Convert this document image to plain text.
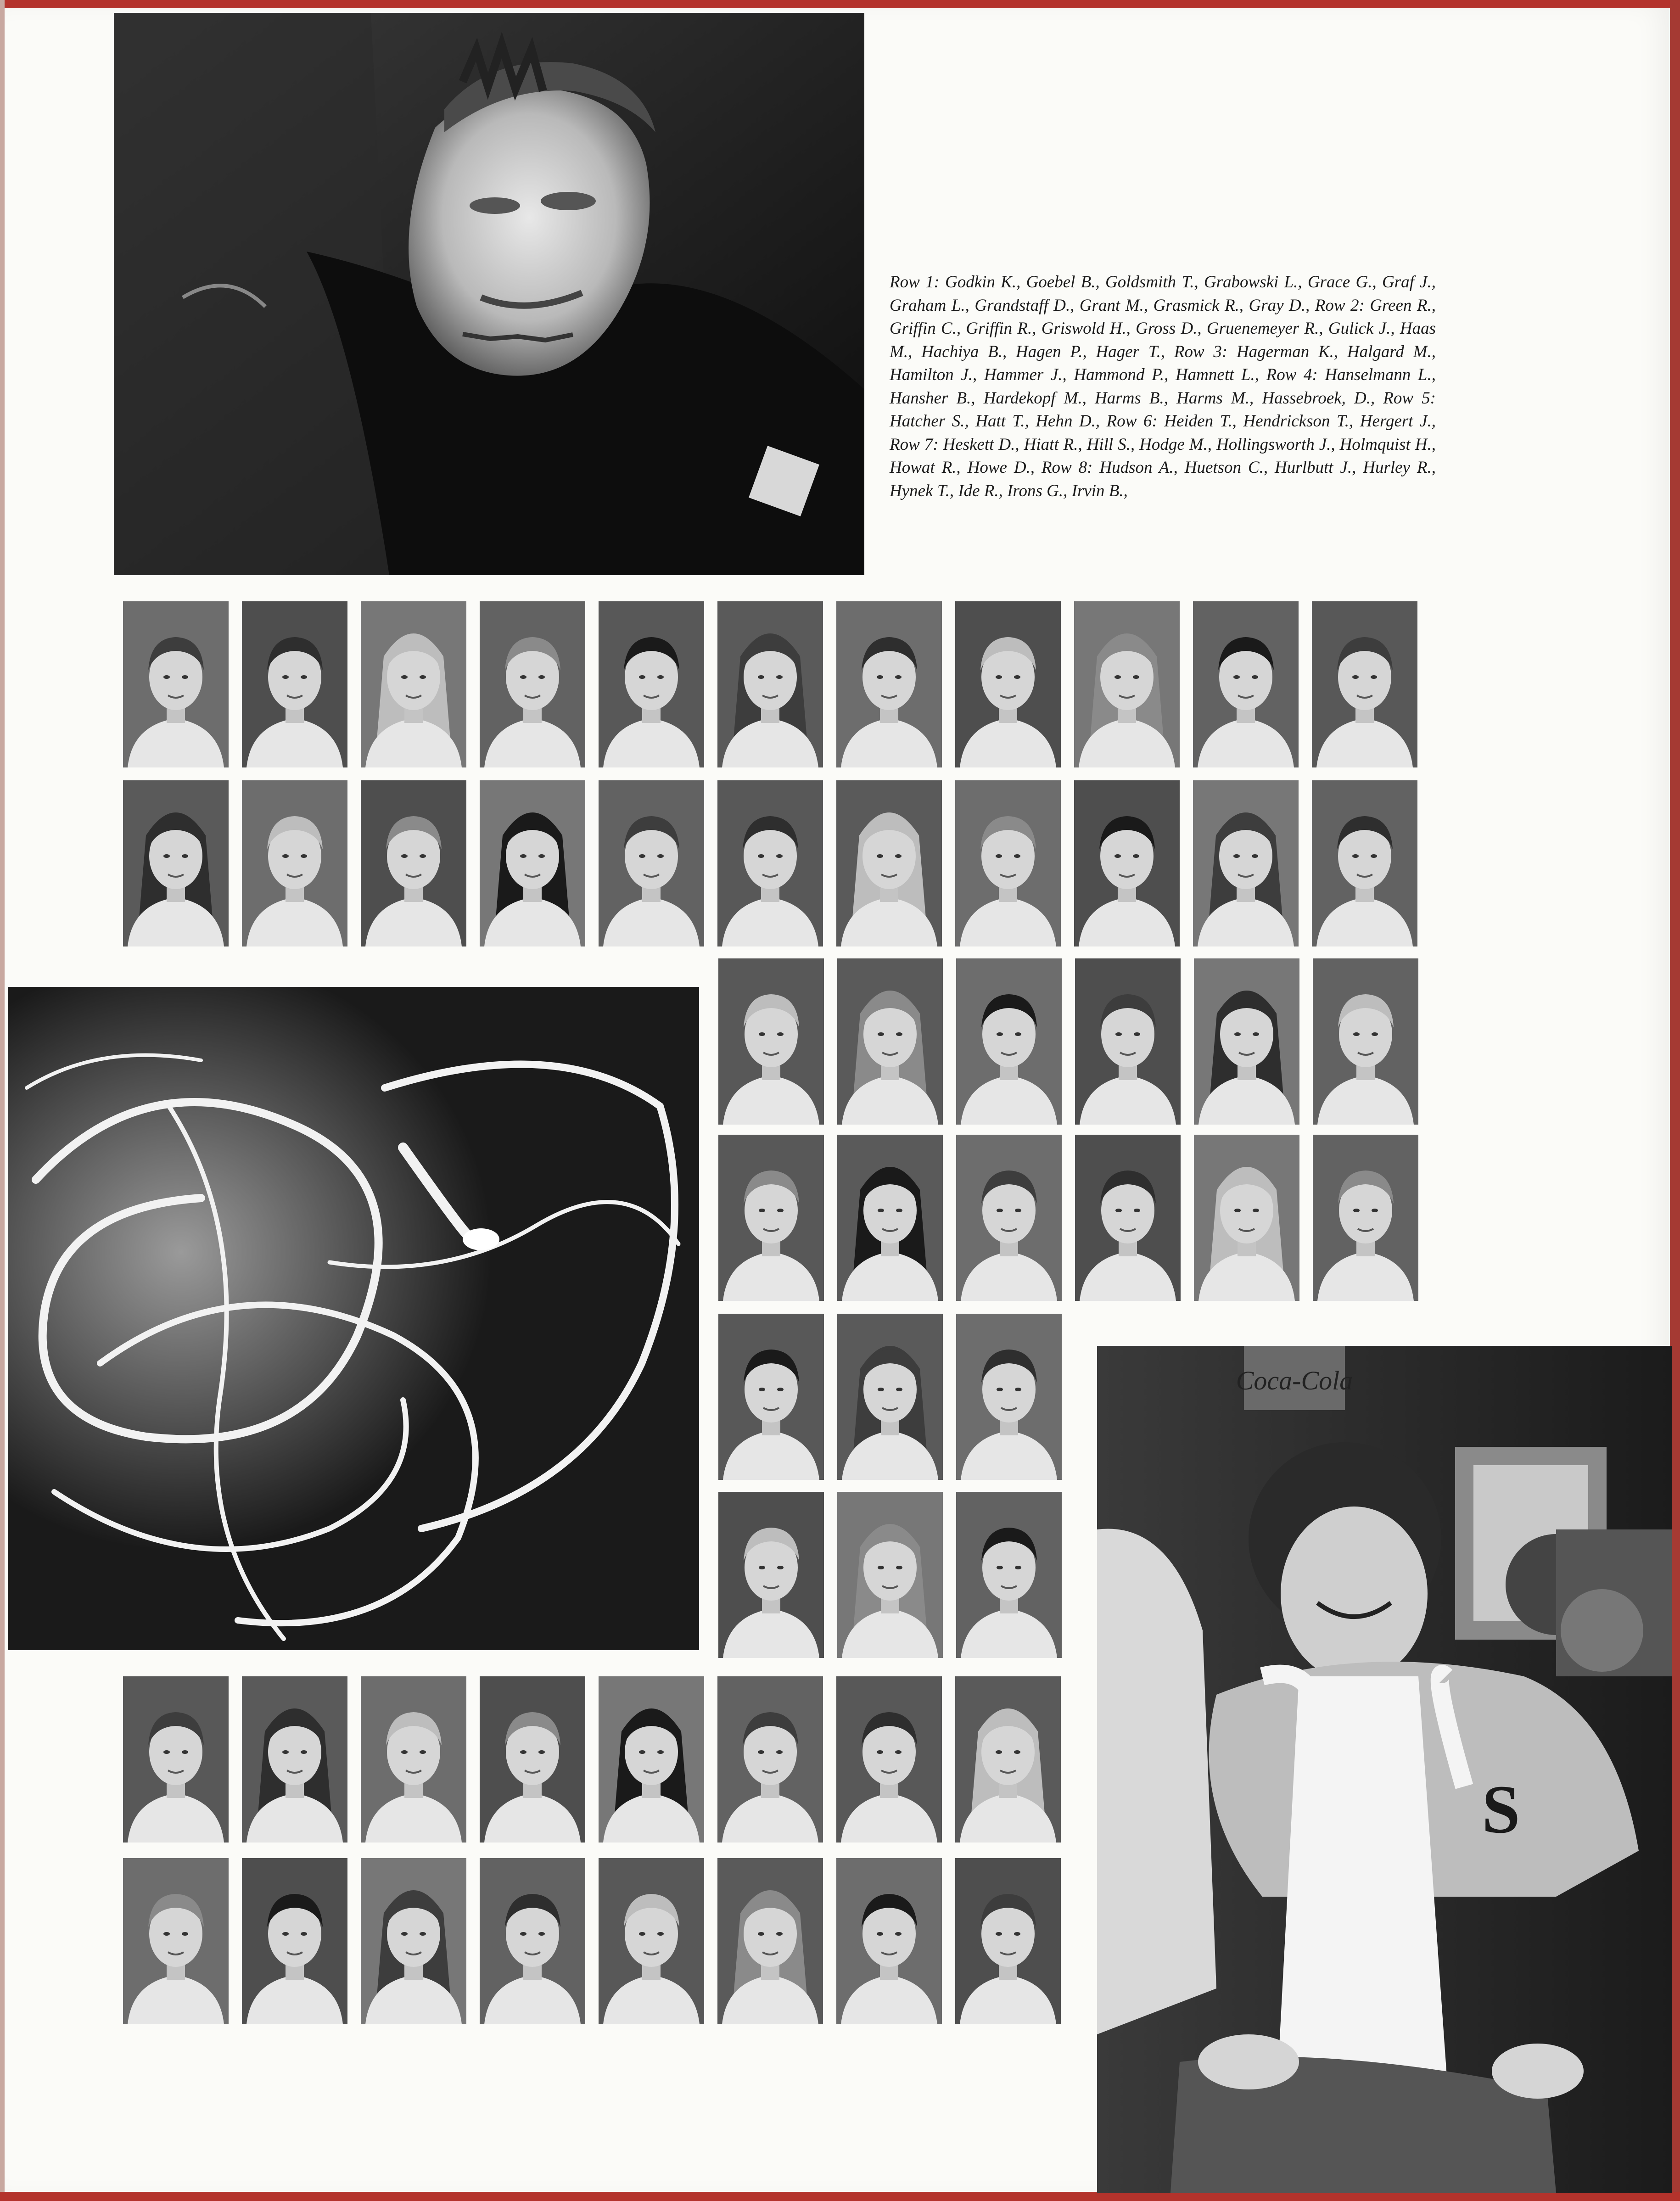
Row 1: Godkin K., Goebel B., Goldsmith T., Grabowski L., Grace G., Graf J., Graham L., Grandstaff D., Grant M., Grasmick R., Gray D., Row 2: Green R., Griffin C., Griffin R., Griswold H., Gross D., Gruenemeyer R., Gulick J., Haas M., Hachiya B., Hagen P., Hager T., Row 3: Hagerman K., Halgard M., Hamilton J., Hammer J., Hammond P., Hamnett L., Row 4: Hanselmann L., Hansher B., Hardekopf M., Harms B., Harms M., Hassebroek, D., Row 5: Hatcher S., Hatt T., Hehn D., Row 6: Heiden T., Hendrickson T., Hergert J., Row 7: Heskett D., Hiatt R., Hill S., Hodge M., Hollingsworth J., Holmquist H., Howat R., Howe D., Row 8: Hudson A., Huetson C., Hurlbutt J., Hurley R., Hynek T., Ide R., Irons G., Irvin B.,
Coca-Cola
S
